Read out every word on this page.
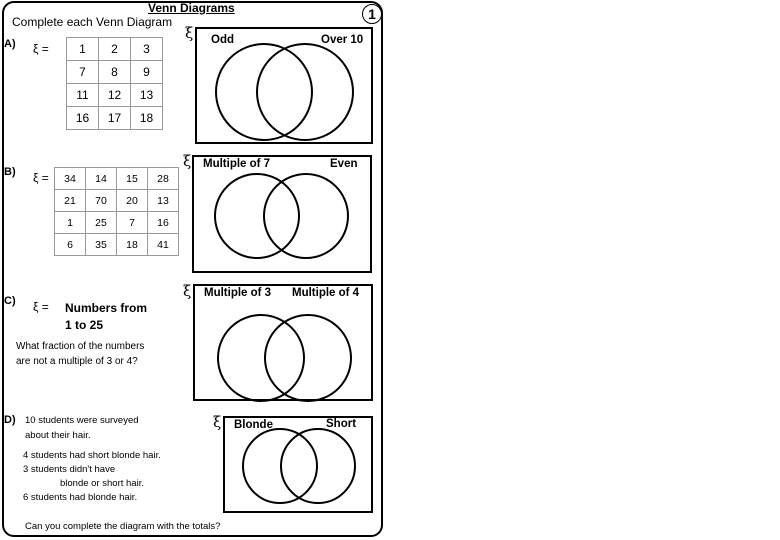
Venn Diagrams	1
Complete each Venn Diagram
A) ξ =	1	2	3
7	8	9
11	12	13
16	17	18
ξ Odd	Over 10
B) ξ = 34	14	15	28
21	70	20	13
1	25	7	16
6	35	18	41
ξ Multiple of 7	Even
C) ξ = Numbers from
1 to 25
What fraction of the numbers
are not a multiple of 3 or 4?
ξ Multiple of 3 Multiple of 4
D) 10 students were surveyed
about their hair.
4 students had short blonde hair.
3 students didn't have
blonde or short hair.
6 students had blonde hair.
Can you complete the diagram with the totals?
ξ Blonde	Short
